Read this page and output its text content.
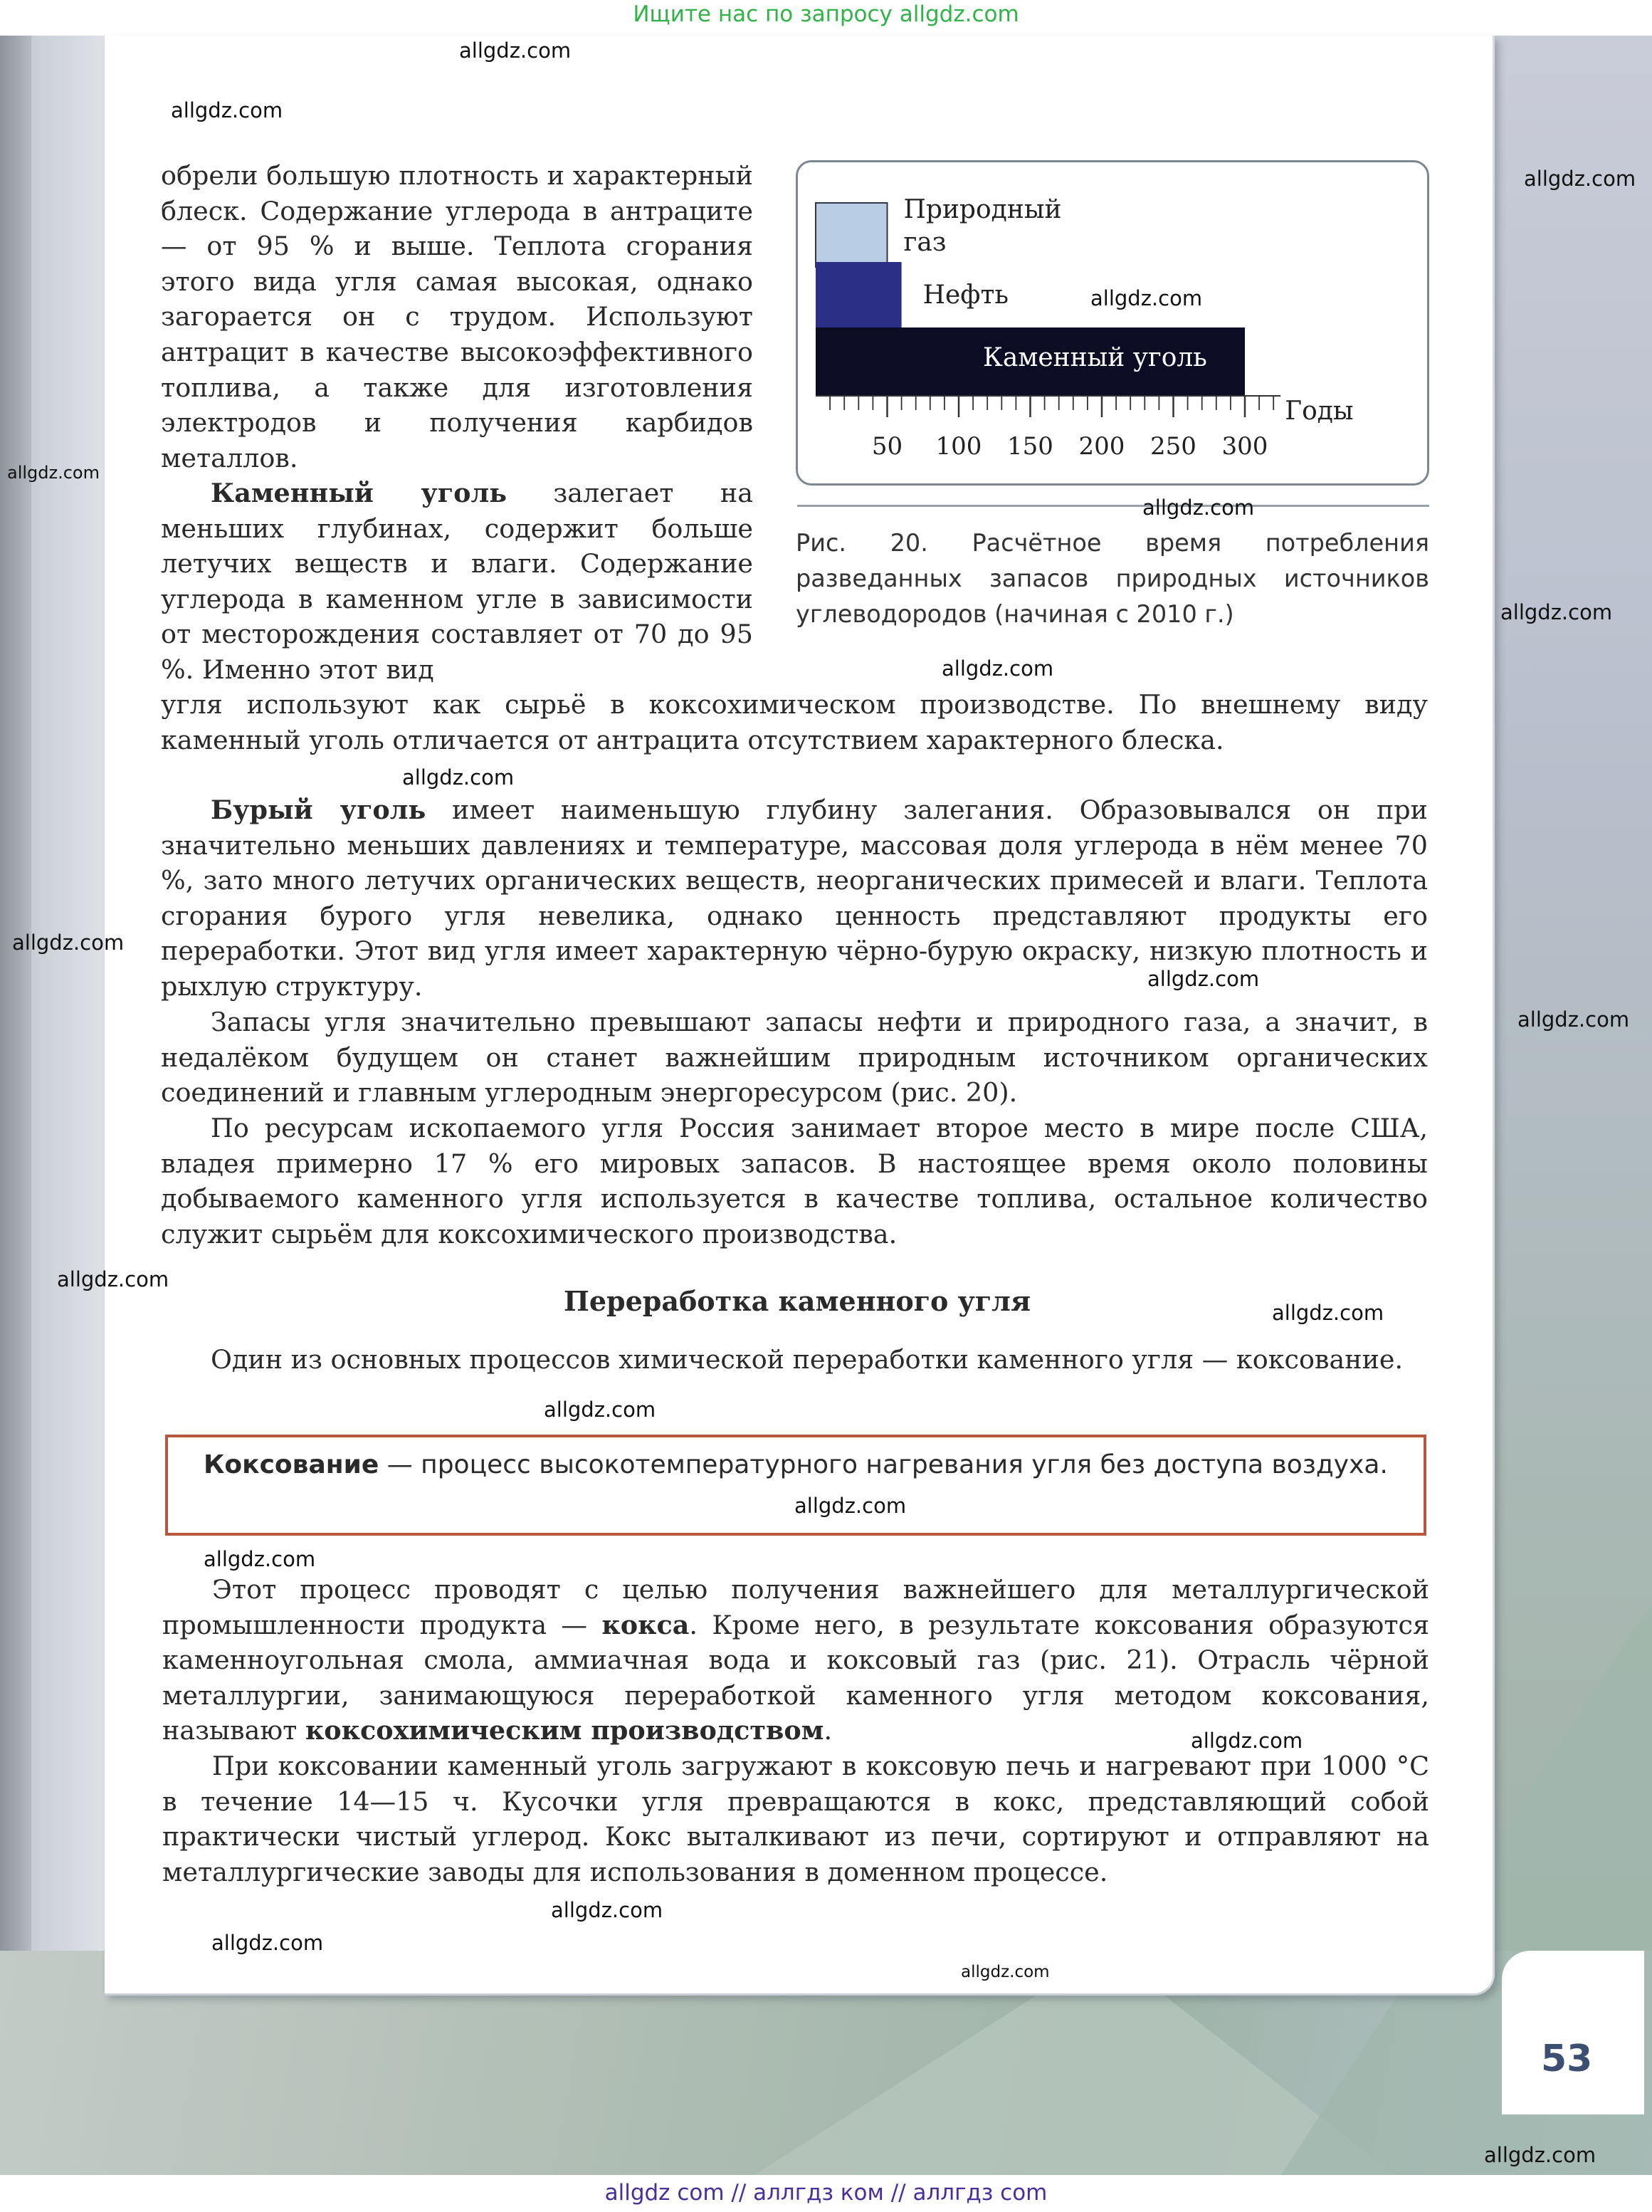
53
Ищите нас по запросу allgdz.com
allgdz com // аллгдз ком // аллгдз com

обрели большую плотность и характерный блеск. Содержание углерода в антраците — от 95 % и выше. Теплота сгорания этого вида угля самая высокая, однако загорается он с трудом. Используют антрацит в качестве высокоэффективного топлива, а также для изготовления электродов и получения карбидов металлов.

Каменный уголь залегает на меньших глубинах, содержит больше летучих веществ и влаги. Содержание углерода в каменном угле в зависимости от месторождения составляет от 70 до 95 %. Именно этот вид

угля используют как сырьё в коксохимическом производстве. По внешнему виду каменный уголь отличается от антрацита отсутствием характерного блеска.

Бурый уголь имеет наименьшую глубину залегания. Образовывался он при значительно меньших давлениях и температуре, массовая доля углерода в нём менее 70 %, зато много летучих органических веществ, неорганических примесей и влаги. Теплота сгорания бурого угля невелика, однако ценность представляют продукты его переработки. Этот вид угля имеет характерную чёрно-бурую окраску, низкую плотность и рыхлую структуру.

Запасы угля значительно превышают запасы нефти и природного газа, а значит, в недалёком будущем он станет важнейшим природным источником органических соединений и главным углеродным энергоресурсом (рис. 20).

По ресурсам ископаемого угля Россия занимает второе место в мире после США, владея примерно 17 % его мировых запасов. В настоящее время около половины добываемого каменного угля используется в качестве топлива, остальное количество служит сырьём для коксохимического производства.

Переработка каменного угля

Один из основных процессов химической переработки каменного угля — коксование.

Коксование — процесс высокотемпературного нагревания угля без доступа воздуха.

Этот процесс проводят с целью получения важнейшего для металлургической промышленности продукта — кокса. Кроме него, в результате коксования образуются каменноугольная смола, аммиачная вода и коксовый газ (рис. 21). Отрасль чёрной металлургии, занимающуюся переработкой каменного угля методом коксования, называют коксохимическим производством.

При коксовании каменный уголь загружают в коксовую печь и нагревают при 1000 °С в течение 14—15 ч. Кусочки угля превращаются в кокс, представляющий собой практически чистый углерод. Кокс выталкивают из печи, сортируют и отправляют на металлургические заводы для использования в доменном процессе.

Природный
газ
Нефть
Каменный уголь
50 100 150 200 250 300
Годы

Рис. 20. Расчётное время потребления разведанных запасов природных источников углеводородов (начиная с 2010 г.)

allgdz.com
allgdz.com
allgdz.com
allgdz.com
allgdz.com
allgdz.com
allgdz.com
allgdz.com
allgdz.com
allgdz.com
allgdz.com
allgdz.com
allgdz.com
allgdz.com
allgdz.com
allgdz.com
allgdz.com
allgdz.com
allgdz.com
allgdz.com
allgdz.com
allgdz.com
